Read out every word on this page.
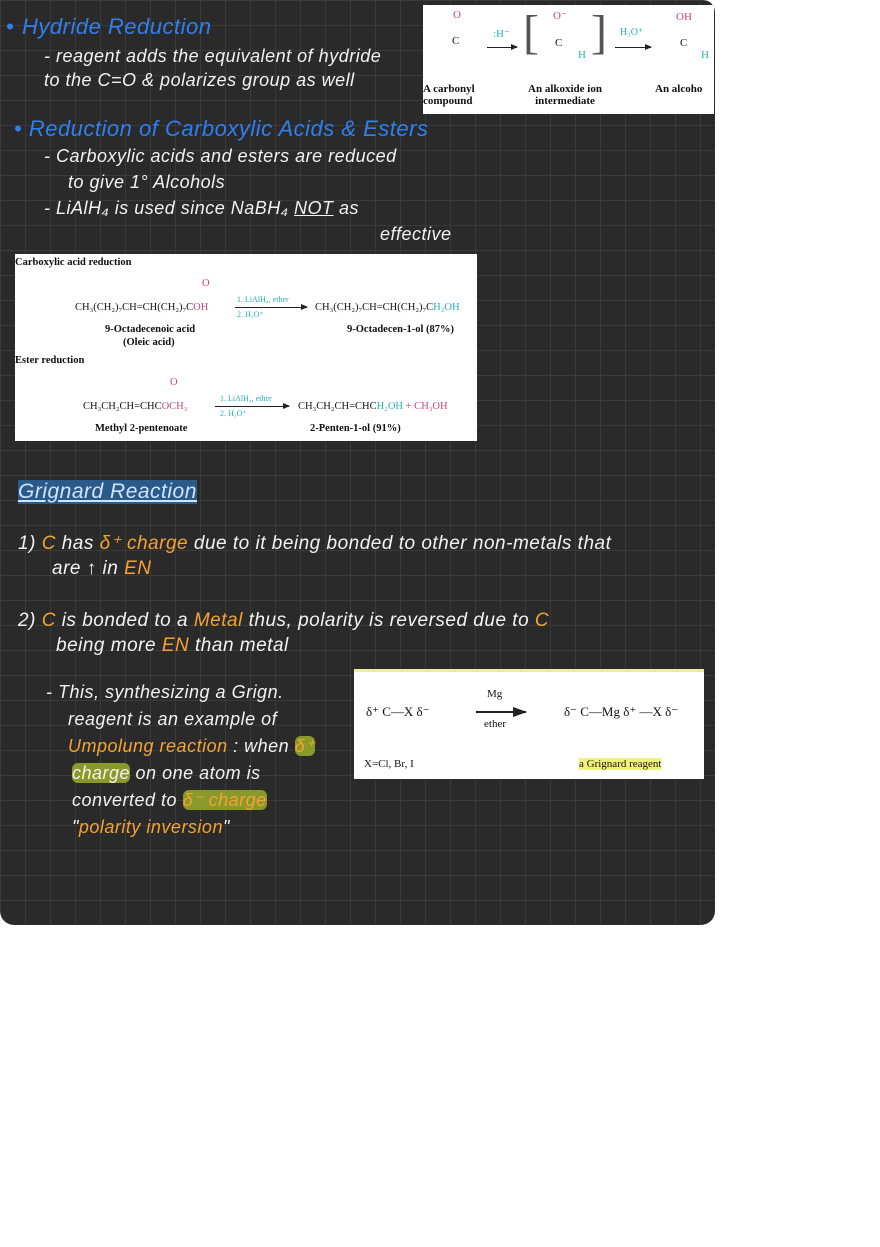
• Hydride Reduction
- reagent adds the equivalent of hydride
to the C=O & polarizes group as well
O
C
:H⁻ [ O⁻
C
H ] H₃O⁺
OH
C
H
A carbonyl compound
An alkoxide ion intermediate
An alcoho
• Reduction of Carboxylic Acids & Esters
- Carboxylic acids and esters are reduced
to give 1° Alcohols
- LiAlH₄ is used since NaBH₄ NOT as
effective
Carboxylic acid reduction
O
CH₃(CH₂)₇CH=CH(CH₂)₇COH
1. LiAlH₄, ether
2. H₃O⁺
CH₃(CH₂)₇CH=CH(CH₂)₇CH₂OH
9-Octadecenoic acid
(Oleic acid)
9-Octadecen-1-ol (87%)
Ester reduction
O
CH₃CH₂CH=CHCOCH₃
1. LiAlH₄, ether
2. H₃O⁺
CH₃CH₂CH=CHCH₂OH + CH₃OH
Methyl 2-pentenoate	2-Penten-1-ol (91%)
Grignard Reaction
1) C has δ⁺ charge due to it being bonded to other non-metals that
are ↑ in EN
2) C is bonded to a Metal thus, polarity is reversed due to C
being more EN than metal
- This, synthesizing a Grign.
reagent is an example of
Umpolung reaction : when δ⁺
charge on one atom is
converted to δ⁻ charge
"polarity inversion"
δ⁺ C—X δ⁻
Mg
ether
δ⁻ C—Mg δ⁺ —X δ⁻
X=Cl, Br, I	a Grignard reagent
